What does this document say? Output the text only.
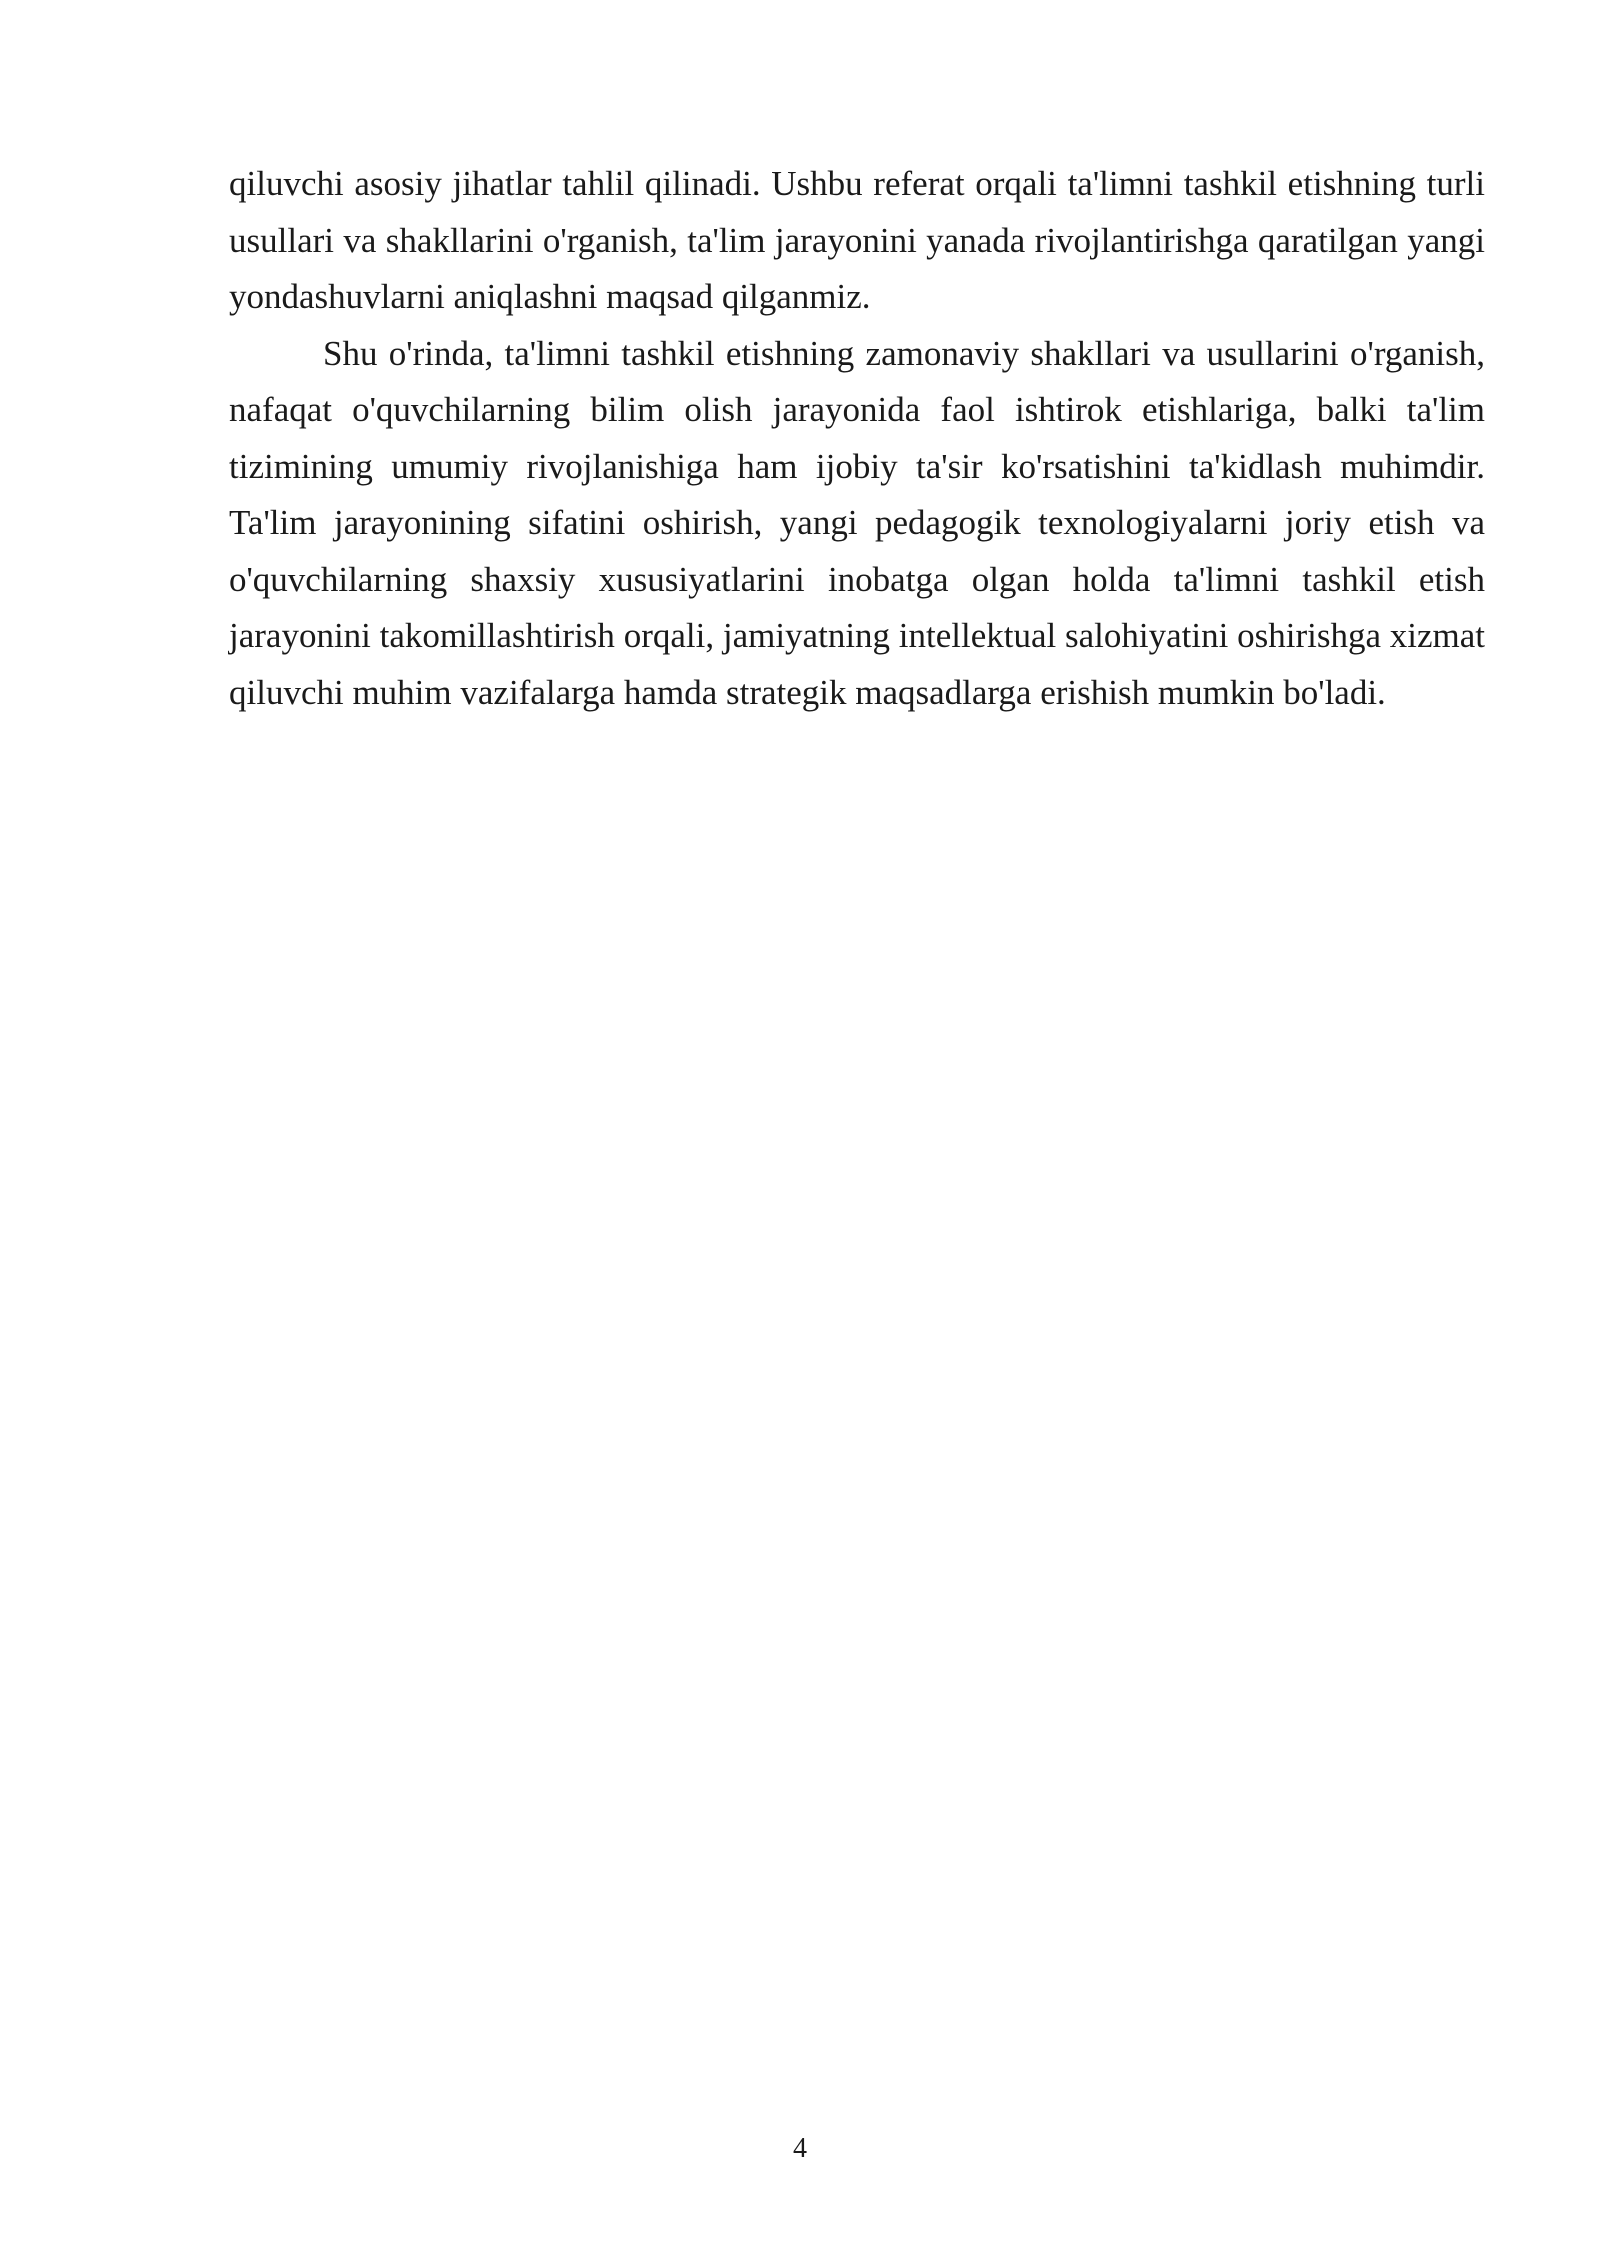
qiluvchi asosiy jihatlar tahlil qilinadi. Ushbu referat orqali ta'limni tashkil etishning turli usullari va shakllarini o'rganish, ta'lim jarayonini yanada rivojlantirishga qaratilgan yangi yondashuvlarni aniqlashni maqsad qilganmiz.

Shu o'rinda, ta'limni tashkil etishning zamonaviy shakllari va usullarini o'rganish, nafaqat o'quvchilarning bilim olish jarayonida faol ishtirok etishlariga, balki ta'lim tizimining umumiy rivojlanishiga ham ijobiy ta'sir ko'rsatishini ta'kidlash muhimdir. Ta'lim jarayonining sifatini oshirish, yangi pedagogik texnologiyalarni joriy etish va o'quvchilarning shaxsiy xususiyatlarini inobatga olgan holda ta'limni tashkil etish jarayonini takomillashtirish orqali, jamiyatning intellektual salohiyatini oshirishga xizmat qiluvchi muhim vazifalarga hamda strategik maqsadlarga erishish mumkin bo'ladi.

4
